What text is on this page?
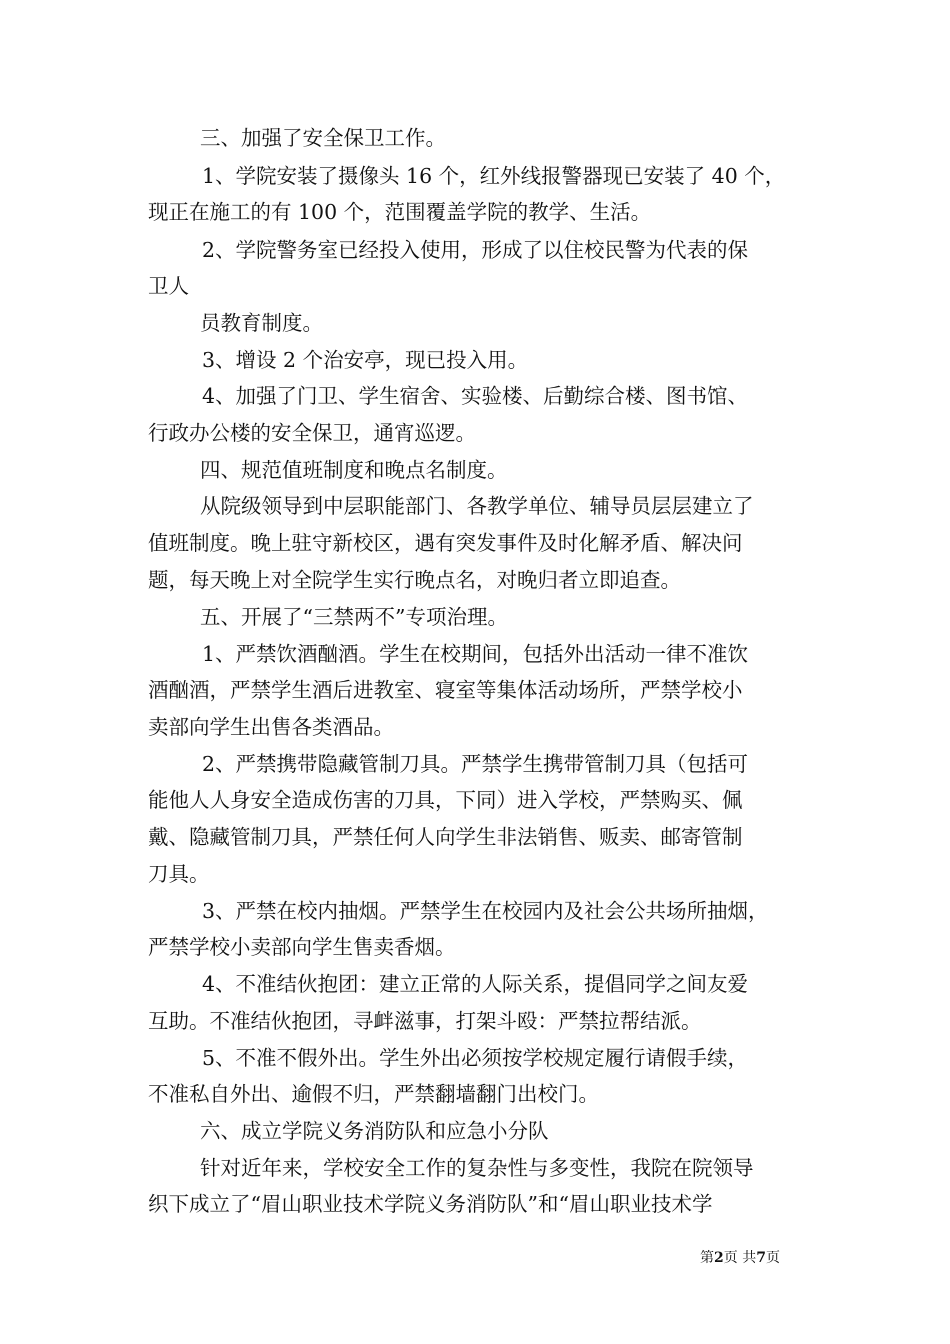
三、加强了安全保卫工作。

1、学院安装了摄像头 16 个，红外线报警器现已安装了 40 个，

现正在施工的有 100 个，范围覆盖学院的教学、生活。

2、学院警务室已经投入使用，形成了以住校民警为代表的保

卫人

员教育制度。

3、增设 2 个治安亭，现已投入用。

4、加强了门卫、学生宿舍、实验楼、后勤综合楼、图书馆、

行政办公楼的安全保卫，通宵巡逻。

四、规范值班制度和晚点名制度。

从院级领导到中层职能部门、各教学单位、辅导员层层建立了

值班制度。晚上驻守新校区，遇有突发事件及时化解矛盾、解决问

题，每天晚上对全院学生实行晚点名，对晚归者立即追查。

五、开展了“三禁两不”专项治理。

1、严禁饮酒酗酒。学生在校期间，包括外出活动一律不准饮

酒酗酒，严禁学生酒后进教室、寝室等集体活动场所，严禁学校小

卖部向学生出售各类酒品。

2、严禁携带隐藏管制刀具。严禁学生携带管制刀具（包括可

能他人人身安全造成伤害的刀具，下同）进入学校，严禁购买、佩

戴、隐藏管制刀具，严禁任何人向学生非法销售、贩卖、邮寄管制

刀具。

3、严禁在校内抽烟。严禁学生在校园内及社会公共场所抽烟，

严禁学校小卖部向学生售卖香烟。

4、不准结伙抱团：建立正常的人际关系，提倡同学之间友爱

互助。不准结伙抱团，寻衅滋事，打架斗殴：严禁拉帮结派。

5、不准不假外出。学生外出必须按学校规定履行请假手续，

不准私自外出、逾假不归，严禁翻墙翻门出校门。

六、成立学院义务消防队和应急小分队

针对近年来，学校安全工作的复杂性与多变性，我院在院领导

织下成立了“眉山职业技术学院义务消防队”和“眉山职业技术学

第2页 共7页
